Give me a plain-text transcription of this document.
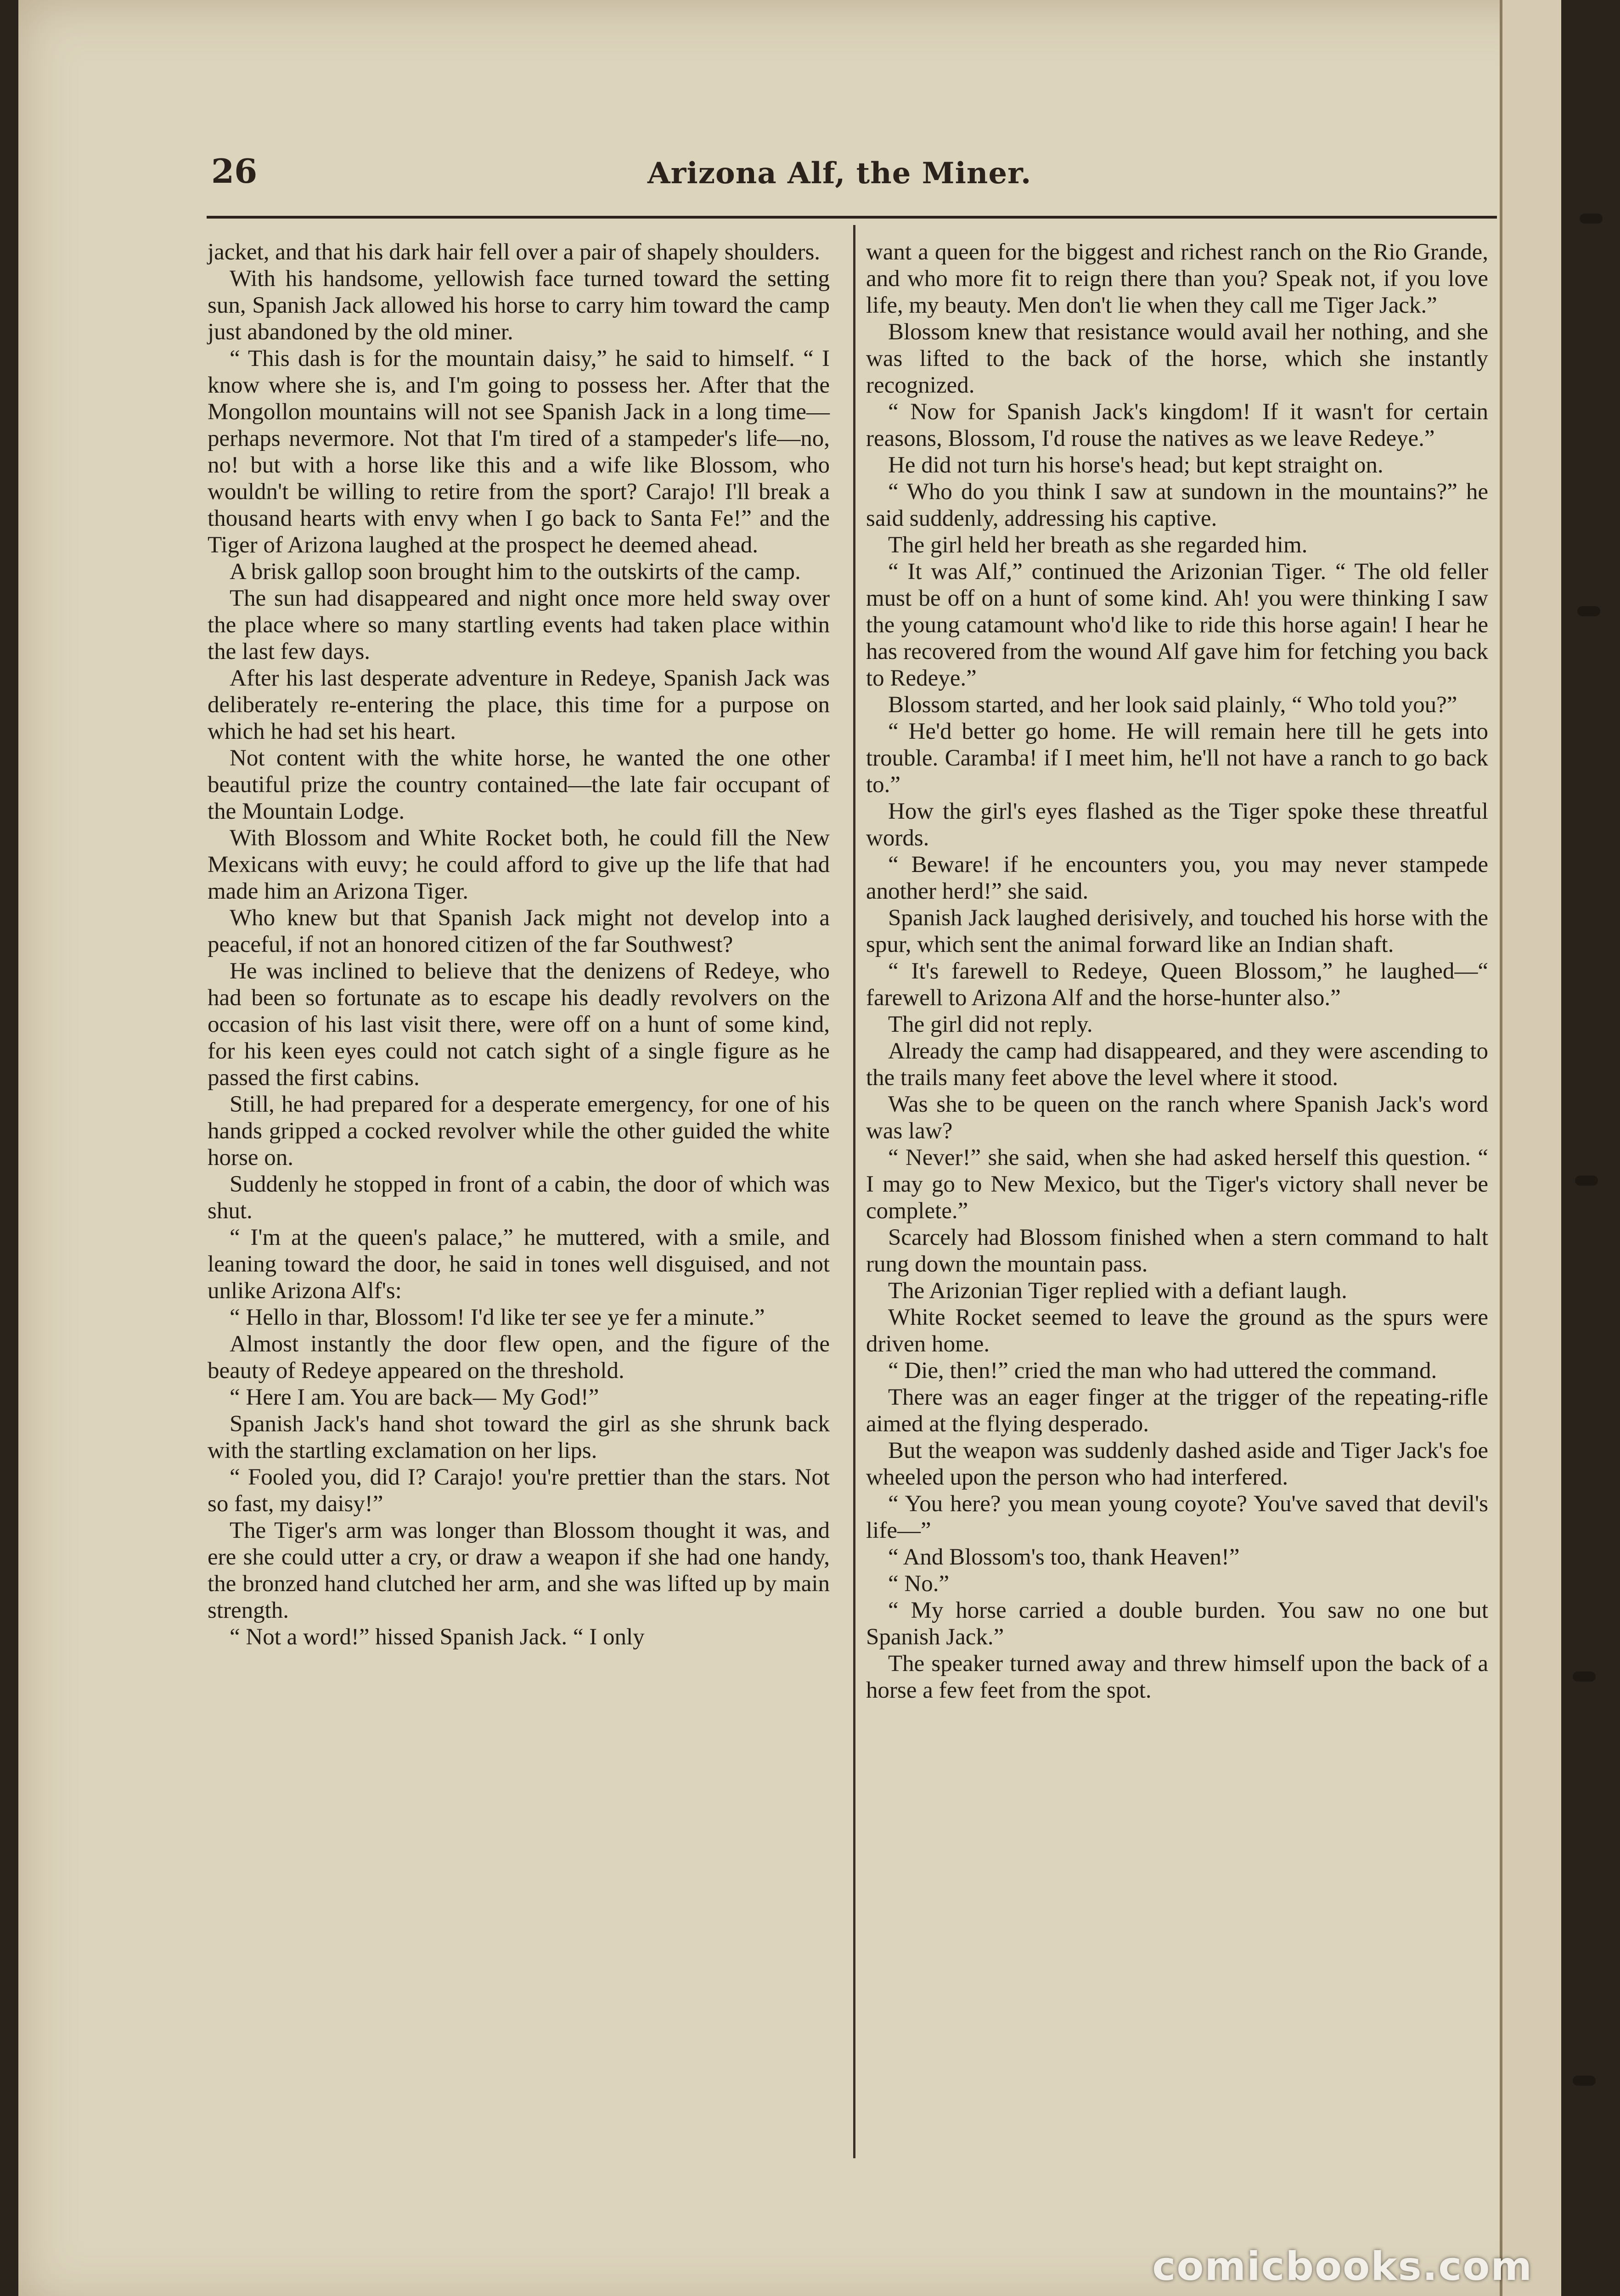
26	Arizona Alf, the Miner.

jacket, and that his dark hair fell over a pair of shapely shoulders.

With his handsome, yellowish face turned toward the setting sun, Spanish Jack allowed his horse to carry him toward the camp just abandoned by the old miner.

“ This dash is for the mountain daisy,” he said to himself. “ I know where she is, and I'm going to possess her. After that the Mongollon mountains will not see Spanish Jack in a long time—perhaps nevermore. Not that I'm tired of a stampeder's life—no, no! but with a horse like this and a wife like Blossom, who wouldn't be willing to retire from the sport? Carajo! I'll break a thousand hearts with envy when I go back to Santa Fe!” and the Tiger of Arizona laughed at the prospect he deemed ahead.

A brisk gallop soon brought him to the outskirts of the camp.

The sun had disappeared and night once more held sway over the place where so many startling events had taken place within the last few days.

After his last desperate adventure in Redeye, Spanish Jack was deliberately re-entering the place, this time for a purpose on which he had set his heart.

Not content with the white horse, he wanted the one other beautiful prize the country contained—the late fair occupant of the Mountain Lodge.

With Blossom and White Rocket both, he could fill the New Mexicans with euvy; he could afford to give up the life that had made him an Arizona Tiger.

Who knew but that Spanish Jack might not develop into a peaceful, if not an honored citizen of the far Southwest?

He was inclined to believe that the denizens of Redeye, who had been so fortunate as to escape his deadly revolvers on the occasion of his last visit there, were off on a hunt of some kind, for his keen eyes could not catch sight of a single figure as he passed the first cabins.

Still, he had prepared for a desperate emergency, for one of his hands gripped a cocked revolver while the other guided the white horse on.

Suddenly he stopped in front of a cabin, the door of which was shut.

“ I'm at the queen's palace,” he muttered, with a smile, and leaning toward the door, he said in tones well disguised, and not unlike Arizona Alf's:

“ Hello in thar, Blossom! I'd like ter see ye fer a minute.”

Almost instantly the door flew open, and the figure of the beauty of Redeye appeared on the threshold.

“ Here I am. You are back— My God!”

Spanish Jack's hand shot toward the girl as she shrunk back with the startling exclamation on her lips.

“ Fooled you, did I? Carajo! you're prettier than the stars. Not so fast, my daisy!”

The Tiger's arm was longer than Blossom thought it was, and ere she could utter a cry, or draw a weapon if she had one handy, the bronzed hand clutched her arm, and she was lifted up by main strength.

“ Not a word!” hissed Spanish Jack. “ I only

want a queen for the biggest and richest ranch on the Rio Grande, and who more fit to reign there than you? Speak not, if you love life, my beauty. Men don't lie when they call me Tiger Jack.”

Blossom knew that resistance would avail her nothing, and she was lifted to the back of the horse, which she instantly recognized.

“ Now for Spanish Jack's kingdom! If it wasn't for certain reasons, Blossom, I'd rouse the natives as we leave Redeye.”

He did not turn his horse's head; but kept straight on.

“ Who do you think I saw at sundown in the mountains?” he said suddenly, addressing his captive.

The girl held her breath as she regarded him.

“ It was Alf,” continued the Arizonian Tiger. “ The old feller must be off on a hunt of some kind. Ah! you were thinking I saw the young catamount who'd like to ride this horse again! I hear he has recovered from the wound Alf gave him for fetching you back to Redeye.”

Blossom started, and her look said plainly, “ Who told you?”

“ He'd better go home. He will remain here till he gets into trouble. Caramba! if I meet him, he'll not have a ranch to go back to.”

How the girl's eyes flashed as the Tiger spoke these threatful words.

“ Beware! if he encounters you, you may never stampede another herd!” she said.

Spanish Jack laughed derisively, and touched his horse with the spur, which sent the animal forward like an Indian shaft.

“ It's farewell to Redeye, Queen Blossom,” he laughed—“ farewell to Arizona Alf and the horse-hunter also.”

The girl did not reply.

Already the camp had disappeared, and they were ascending to the trails many feet above the level where it stood.

Was she to be queen on the ranch where Spanish Jack's word was law?

“ Never!” she said, when she had asked herself this question. “ I may go to New Mexico, but the Tiger's victory shall never be complete.”

Scarcely had Blossom finished when a stern command to halt rung down the mountain pass.

The Arizonian Tiger replied with a defiant laugh.

White Rocket seemed to leave the ground as the spurs were driven home.

“ Die, then!” cried the man who had uttered the command.

There was an eager finger at the trigger of the repeating-rifle aimed at the flying desperado.

But the weapon was suddenly dashed aside and Tiger Jack's foe wheeled upon the person who had interfered.

“ You here? you mean young coyote? You've saved that devil's life—”

“ And Blossom's too, thank Heaven!”

“ No.”

“ My horse carried a double burden. You saw no one but Spanish Jack.”

The speaker turned away and threw himself upon the back of a horse a few feet from the spot.

comicbooks.com
